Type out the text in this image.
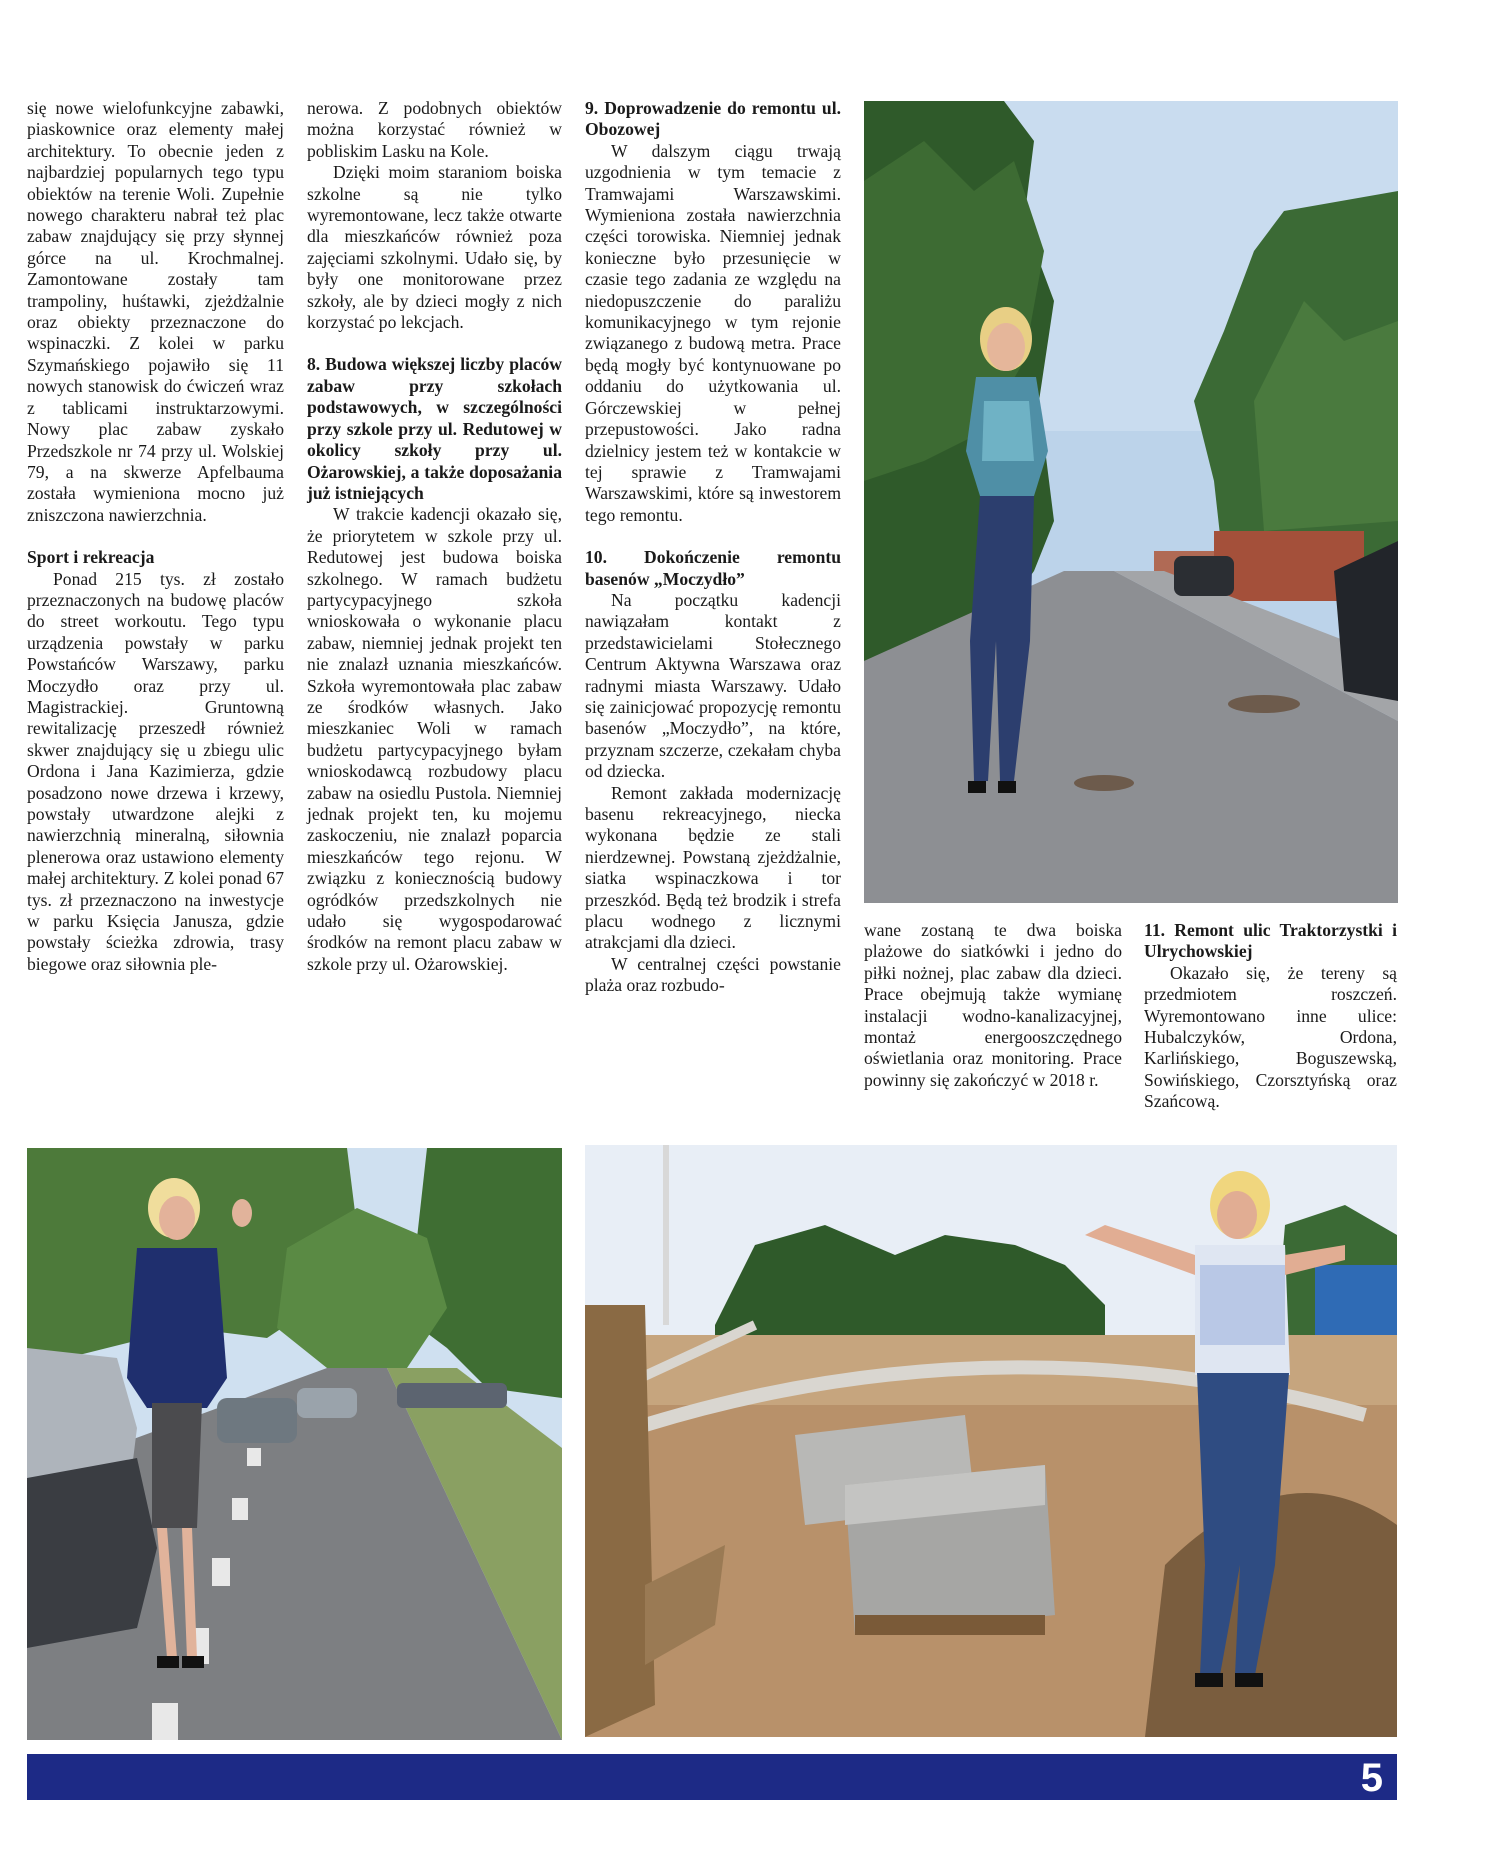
się nowe wielofunkcyjne zabawki, piaskownice oraz elementy małej architektury. To obecnie jeden z najbardziej popularnych tego typu obiektów na terenie Woli. Zupełnie nowego charakteru nabrał też plac zabaw znajdujący się przy słynnej górce na ul. Krochmalnej. Zamontowane zostały tam trampoliny, huśtawki, zjeżdżalnie oraz obiekty przeznaczone do wspinaczki. Z kolei w parku Szymańskiego pojawiło się 11 nowych stanowisk do ćwiczeń wraz z tablicami instruktarzowymi. Nowy plac zabaw zyskało Przedszkole nr 74 przy ul. Wolskiej 79, a na skwerze Apfelbauma została wymieniona mocno już zniszczona nawierzchnia.

Sport i rekreacja

Ponad 215 tys. zł zostało przeznaczonych na budowę placów do street workoutu. Tego typu urządzenia powstały w parku Powstańców Warszawy, parku Moczydło oraz przy ul. Magistrackiej. Gruntowną rewitalizację przeszedł również skwer znajdujący się u zbiegu ulic Ordona i Jana Kazimierza, gdzie posadzono nowe drzewa i krzewy, powstały utwardzone alejki z nawierzchnią mineralną, siłownia plenerowa oraz ustawiono elementy małej architektury. Z kolei ponad 67 tys. zł przeznaczono na inwestycje w parku Księcia Janusza, gdzie powstały ścieżka zdrowia, trasy biegowe oraz siłownia ple-

nerowa. Z podobnych obiektów można korzystać również w pobliskim Lasku na Kole.

Dzięki moim staraniom boiska szkolne są nie tylko wyremontowane, lecz także otwarte dla mieszkańców również poza zajęciami szkolnymi. Udało się, by były one monitorowane przez szkoły, ale by dzieci mogły z nich korzystać po lekcjach.

8. Budowa większej liczby placów zabaw przy szkołach podstawowych, w szczególności przy szkole przy ul. Redutowej w okolicy szkoły przy ul. Ożarowskiej, a także doposażania już istniejących

W trakcie kadencji okazało się, że priorytetem w szkole przy ul. Redutowej jest budowa boiska szkolnego. W ramach budżetu partycypacyjnego szkoła wnioskowała o wykonanie placu zabaw, niemniej jednak projekt ten nie znalazł uznania mieszkańców. Szkoła wyremontowała plac zabaw ze środków własnych. Jako mieszkaniec Woli w ramach budżetu partycypacyjnego byłam wnioskodawcą rozbudowy placu zabaw na osiedlu Pustola. Niemniej jednak projekt ten, ku mojemu zaskoczeniu, nie znalazł poparcia mieszkańców tego rejonu. W związku z koniecznością budowy ogródków przedszkolnych nie udało się wygospodarować środków na remont placu zabaw w szkole przy ul. Ożarowskiej.

9. Doprowadzenie do remontu ul. Obozowej

W dalszym ciągu trwają uzgodnienia w tym temacie z Tramwajami Warszawskimi. Wymieniona została nawierzchnia części torowiska. Niemniej jednak konieczne było przesunięcie w czasie tego zadania ze względu na niedopuszczenie do paraliżu komunikacyjnego w tym rejonie związanego z budową metra. Prace będą mogły być kontynuowane po oddaniu do użytkowania ul. Górczewskiej w pełnej przepustowości. Jako radna dzielnicy jestem też w kontakcie w tej sprawie z Tramwajami Warszawskimi, które są inwestorem tego remontu.

10. Dokończenie remontu basenów „Moczydło”

Na początku kadencji nawiązałam kontakt z przedstawicielami Stołecznego Centrum Aktywna Warszawa oraz radnymi miasta Warszawy. Udało się zainicjować propozycję remontu basenów „Moczydło”, na które, przyznam szczerze, czekałam chyba od dziecka.

Remont zakłada modernizację basenu rekreacyjnego, niecka wykonana będzie ze stali nierdzewnej. Powstaną zjeżdżalnie, siatka wspinaczkowa i tor przeszkód. Będą też brodzik i strefa placu wodnego z licznymi atrakcjami dla dzieci.

W centralnej części powstanie plaża oraz rozbudo-

wane zostaną te dwa boiska plażowe do siatkówki i jedno do piłki nożnej, plac zabaw dla dzieci. Prace obejmują także wymianę instalacji wodno-kanalizacyjnej, montaż energooszczędnego oświetlania oraz monitoring. Prace powinny się zakończyć w 2018 r.

11. Remont ulic Traktorzystki i Ulrychowskiej

Okazało się, że tereny są przedmiotem roszczeń. Wyremontowano inne ulice: Hubalczyków, Ordona, Karlińskiego, Boguszewską, Sowińskiego, Czorsztyńską oraz Szańcową.

5
